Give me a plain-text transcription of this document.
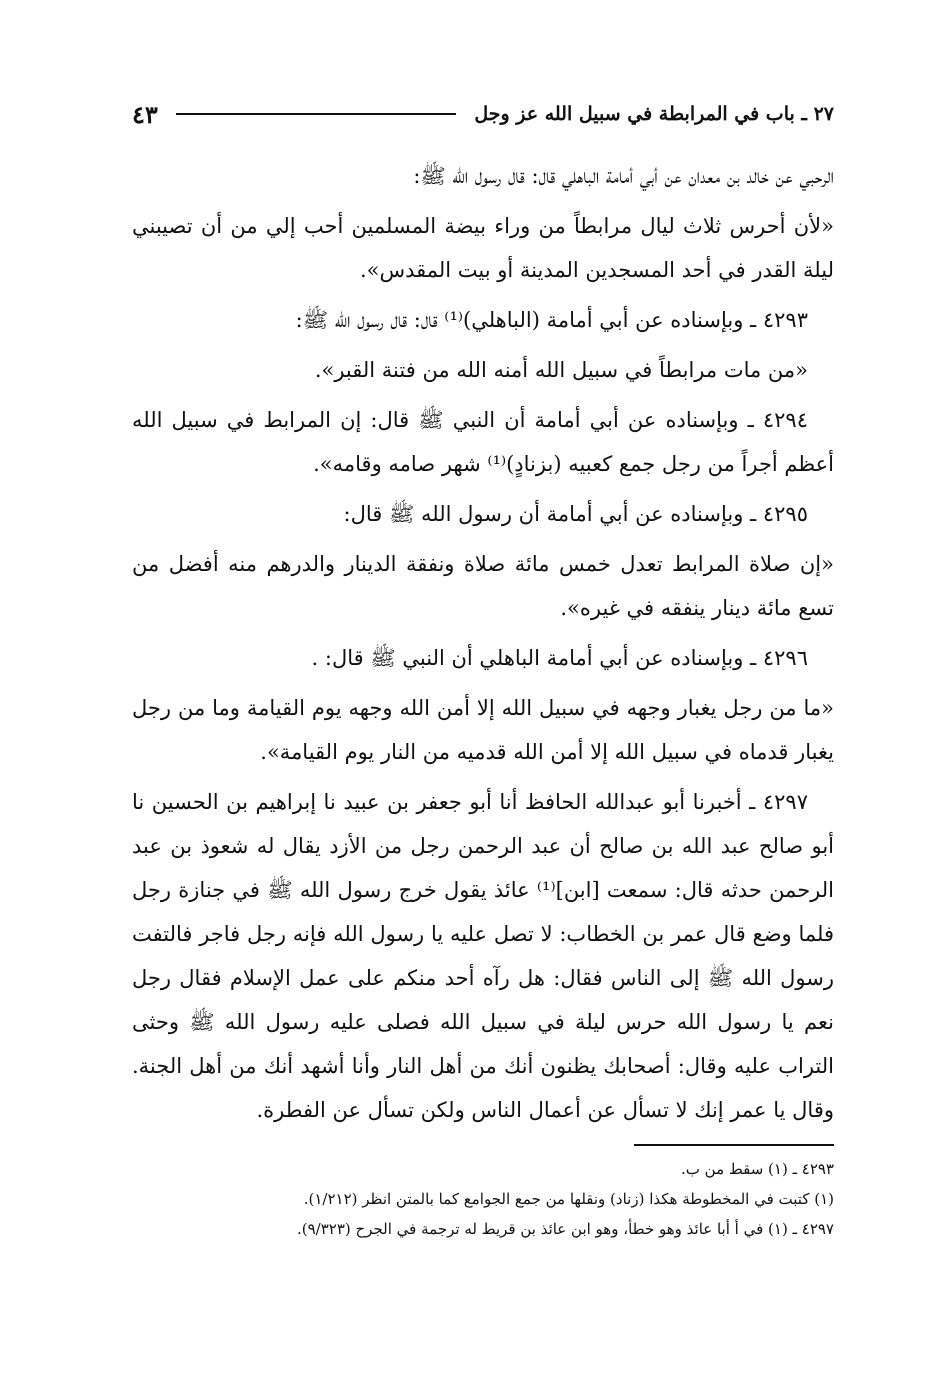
٢٧ ـ باب في المرابطة في سبيل الله عز وجل
٤٣

الرحبي عن خالد بن معدان عن أبي أمامة الباهلي قال: قال رسول الله ﷺ:

«لأن أحرس ثلاث ليال مرابطاً من وراء بيضة المسلمين أحب إلي من أن تصيبني ليلة القدر في أحد المسجدين المدينة أو بيت المقدس».

٤٢٩٣ ـ وبإسناده عن أبي أمامة (الباهلي)⁽¹⁾ قال: قال رسول الله ﷺ:

«من مات مرابطاً في سبيل الله أمنه الله من فتنة القبر».

٤٢٩٤ ـ وبإسناده عن أبي أمامة أن النبي ﷺ قال: إن المرابط في سبيل الله أعظم أجراً من رجل جمع كعبيه (بزنادٍ)⁽¹⁾ شهر صامه وقامه».

٤٢٩٥ ـ وبإسناده عن أبي أمامة أن رسول الله ﷺ قال:

«إن صلاة المرابط تعدل خمس مائة صلاة ونفقة الدينار والدرهم منه أفضل من تسع مائة دينار ينفقه في غيره».

٤٢٩٦ ـ وبإسناده عن أبي أمامة الباهلي أن النبي ﷺ قال: .

«ما من رجل يغبار وجهه في سبيل الله إلا أمن الله وجهه يوم القيامة وما من رجل يغبار قدماه في سبيل الله إلا أمن الله قدميه من النار يوم القيامة».

٤٢٩٧ ـ أخبرنا أبو عبدالله الحافظ أنا أبو جعفر بن عبيد نا إبراهيم بن الحسين نا أبو صالح عبد الله بن صالح أن عبد الرحمن رجل من الأزد يقال له شعوذ بن عبد الرحمن حدثه قال: سمعت [ابن]⁽¹⁾ عائذ يقول خرج رسول الله ﷺ في جنازة رجل فلما وضع قال عمر بن الخطاب: لا تصل عليه يا رسول الله فإنه رجل فاجر فالتفت رسول الله ﷺ إلى الناس فقال: هل رآه أحد منكم على عمل الإسلام فقال رجل نعم يا رسول الله حرس ليلة في سبيل الله فصلى عليه رسول الله ﷺ وحثى التراب عليه وقال: أصحابك يظنون أنك من أهل النار وأنا أشهد أنك من أهل الجنة. وقال يا عمر إنك لا تسأل عن أعمال الناس ولكن تسأل عن الفطرة.

٤٢٩٣ ـ (١) سقط من ب.

(١) كتبت في المخطوطة هكذا (زناد) ونقلها من جمع الجوامع كما بالمتن انظر (١/٢١٢).

٤٢٩٧ ـ (١) في أ أبا عائذ وهو خطأ، وهو ابن عائذ بن قريط له ترجمة في الجرح (٩/٣٢٣).
